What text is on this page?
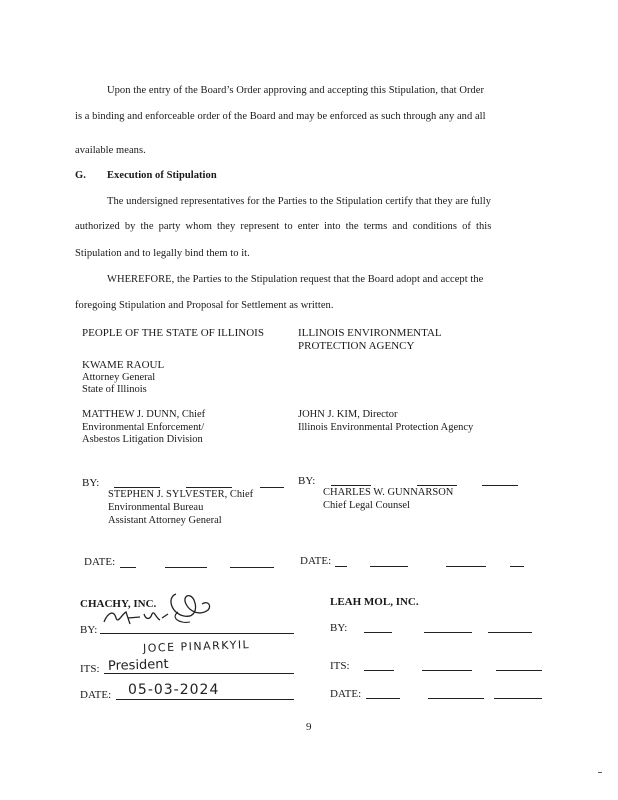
Upon the entry of the Board’s Order approving and accepting this Stipulation, that Order
is a binding and enforceable order of the Board and may be enforced as such through any and all
available means.
G. Execution of Stipulation
The undersigned representatives for the Parties to the Stipulation certify that they are fully
authorized by the party whom they represent to enter into the terms and conditions of this
Stipulation and to legally bind them to it.
WHEREFORE, the Parties to the Stipulation request that the Board adopt and accept the
foregoing Stipulation and Proposal for Settlement as written.
PEOPLE OF THE STATE OF ILLINOIS
KWAME RAOUL
Attorney General
State of Illinois
MATTHEW J. DUNN, Chief
Environmental Enforcement/
Asbestos Litigation Division
BY:
STEPHEN J. SYLVESTER, Chief
Environmental Bureau
Assistant Attorney General
DATE:
ILLINOIS ENVIRONMENTAL
PROTECTION AGENCY
JOHN J. KIM, Director
Illinois Environmental Protection Agency
BY:
CHARLES W. GUNNARSON
Chief Legal Counsel
DATE:
CHACHY, INC.
BY:
JOCE PINARKYIL
ITS: President
DATE: 05-03-2024
LEAH MOL, INC.
BY:
ITS:
DATE:
9
